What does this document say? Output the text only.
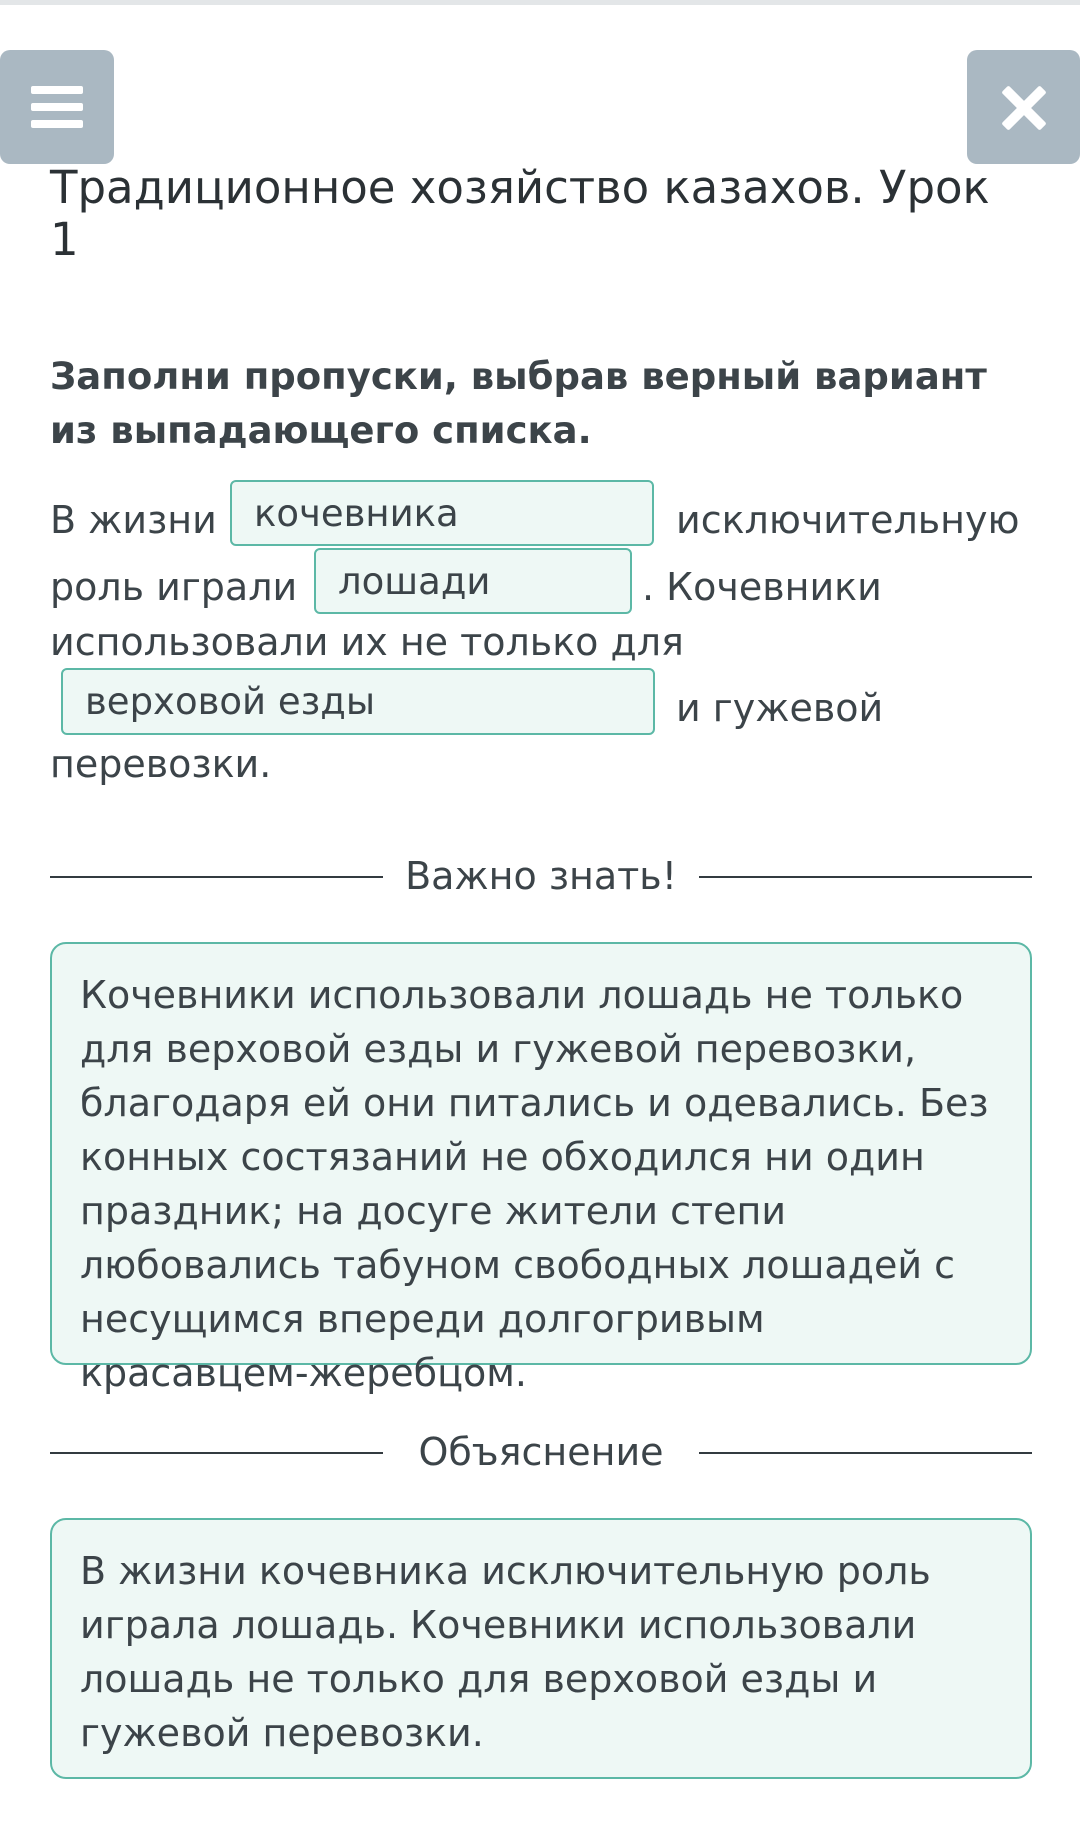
Традиционное хозяйство казахов. Урок 1

Заполни пропуски, выбрав верный вариант из выпадающего списка.

В жизни	кочевника	исключительную
роль играли	лошади	. Кочевники
использовали их не только для
верховой езды	и гужевой
перевозки.
Важно знать!
Кочевники использовали лошадь не только для верховой езды и гужевой перевозки, благодаря ей они питались и одевались. Без конных состязаний не обходился ни один праздник; на досуге жители степи любовались табуном свободных лошадей с несущимся впереди долгогривым красавцем-жеребцом.
Объяснение
В жизни кочевника исключительную роль играла лошадь. Кочевники использовали лошадь не только для верховой езды и гужевой перевозки.
